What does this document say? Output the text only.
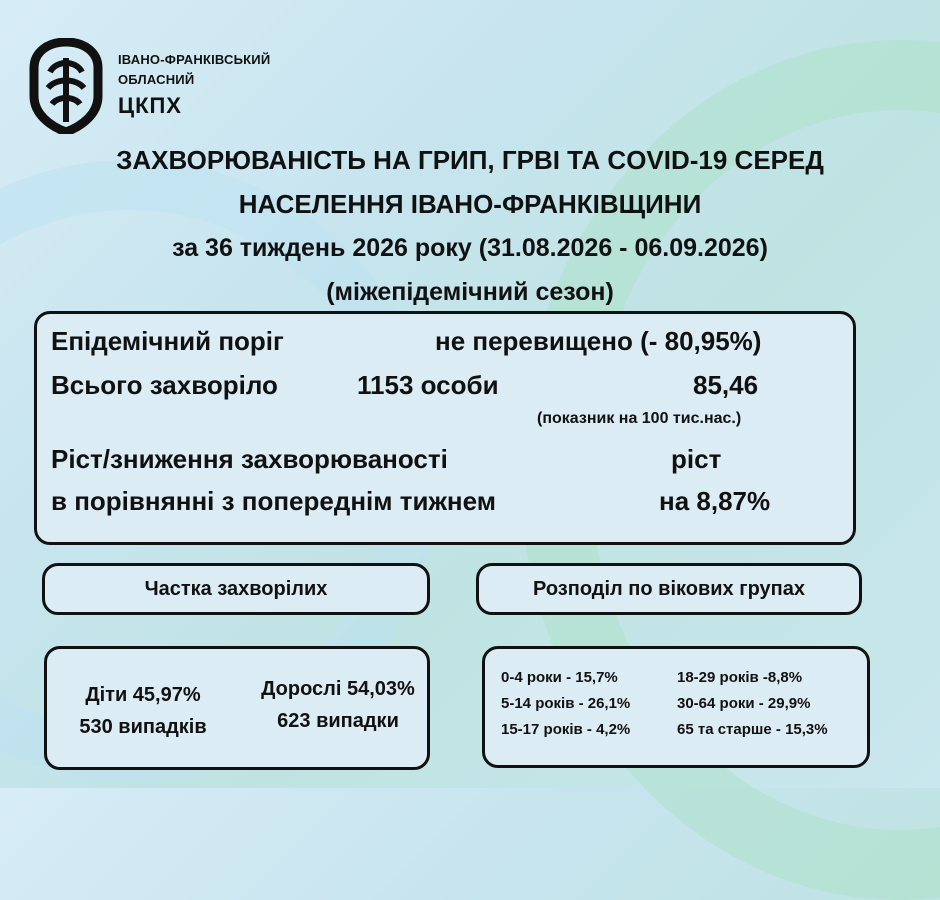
ІВАНО-ФРАНКІВСЬКИЙ
ОБЛАСНИЙ
ЦКПХ
ЗАХВОРЮВАНІСТЬ НА ГРИП, ГРВІ ТА COVID-19 СЕРЕД
НАСЕЛЕННЯ ІВАНО-ФРАНКІВЩИНИ
за 36 тиждень 2026 року (31.08.2026 - 06.09.2026)
(міжепідемічний сезон)
Епідемічний поріг	не перевищено (- 80,95%)
Всього захворіло	1153 особи	85,46
(показник на 100 тис.нас.)
Ріст/зниження захворюваності	ріст
в порівнянні з попереднім тижнем	на 8,87%
Частка захворілих	Розподіл по вікових групах
Діти 45,97%
530 випадків
Дорослі 54,03%
623 випадки
0-4 роки - 15,7%
5-14 років - 26,1%
15-17 років - 4,2%
18-29 років -8,8%
30-64 роки - 29,9%
65 та старше - 15,3%
